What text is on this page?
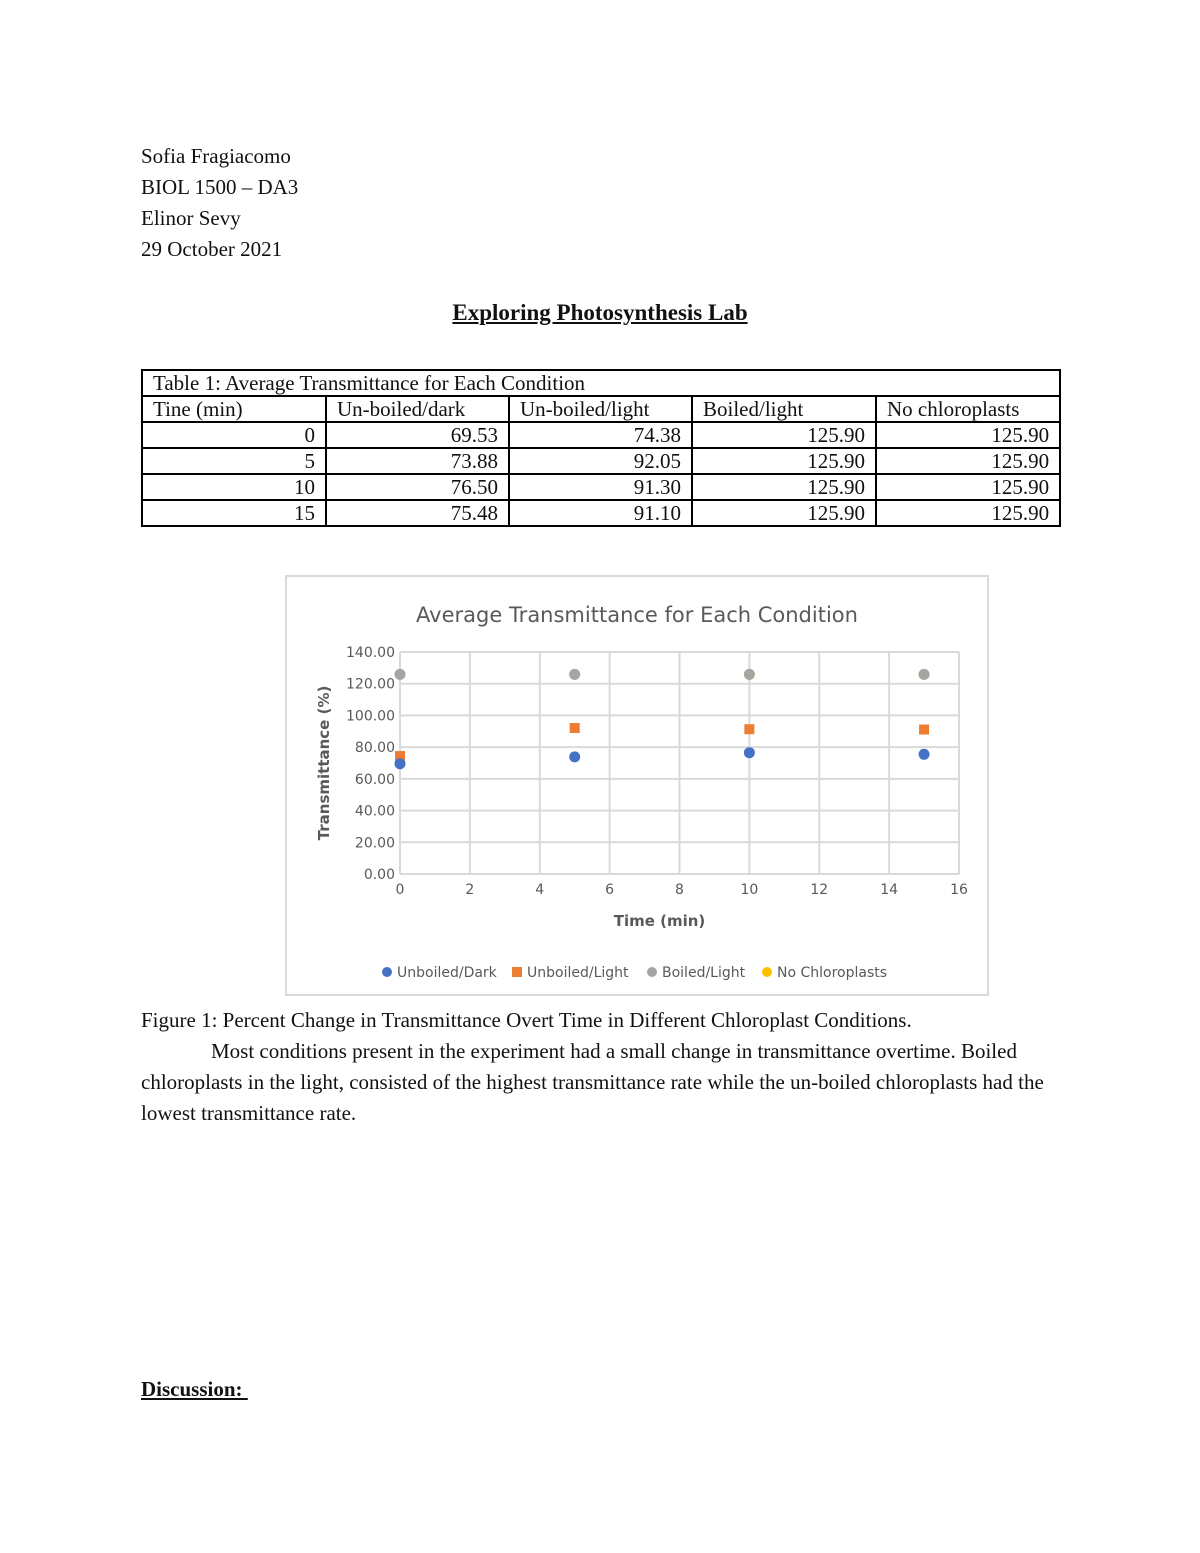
Sofia Fragiacomo
BIOL 1500 – DA3
Elinor Sevy
29 October 2021
Exploring Photosynthesis Lab
Table 1: Average Transmittance for Each Condition				
Tine (min)	Un-boiled/dark	Un-boiled/light	Boiled/light	No chloroplasts
0	69.53	74.38	125.90	125.90
5	73.88	92.05	125.90	125.90
10	76.50	91.30	125.90	125.90
15	75.48	91.10	125.90	125.90
Average Transmittance for Each Condition
0.00
20.00
40.00
60.00
80.00
100.00
120.00
140.00
0	2	4	6	8	10	12	14	16
Time (min)
Transmittance (%)
Unboiled/Dark Unboiled/Light Boiled/Light No Chloroplasts
Figure 1: Percent Change in Transmittance Overt Time in Different Chloroplast Conditions.
Most conditions present in the experiment had a small change in transmittance overtime. Boiled chloroplasts in the light, consisted of the highest transmittance rate while the un-boiled chloroplasts had the lowest transmittance rate.
Discussion:
